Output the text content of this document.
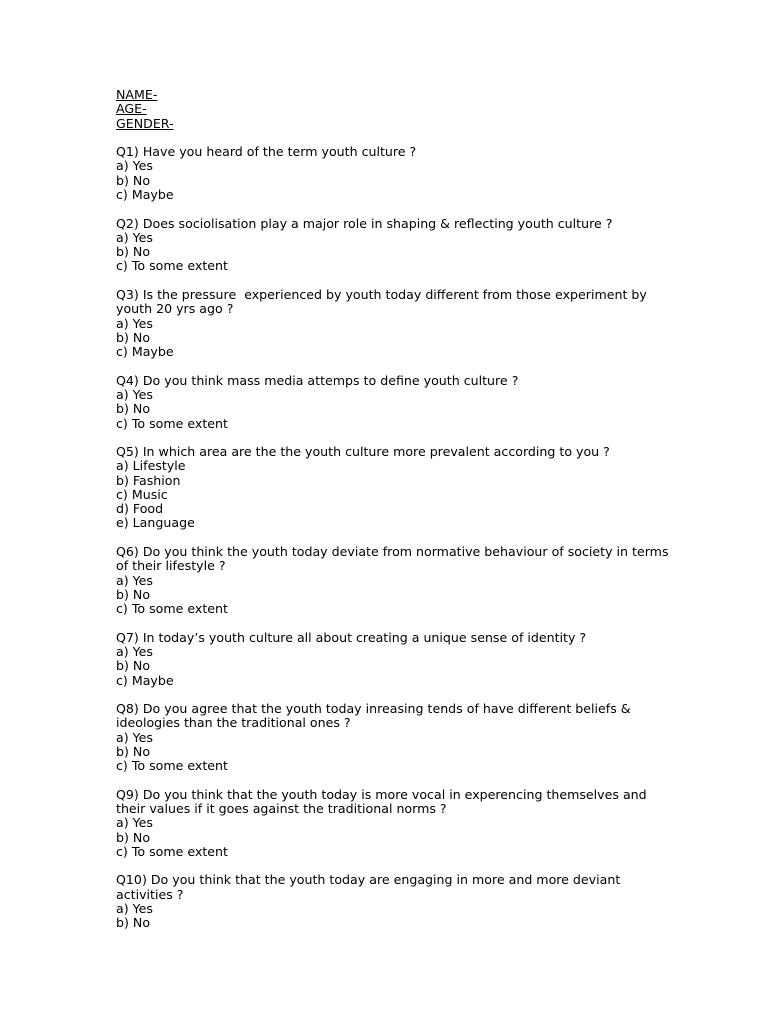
NAME-

AGE-

GENDER-

Q1) Have you heard of the term youth culture ?

a) Yes

b) No

c) Maybe

Q2) Does sociolisation play a major role in shaping & reflecting youth culture ?

a) Yes

b) No

c) To some extent

Q3) Is the pressure  experienced by youth today different from those experiment by youth 20 yrs ago ?

a) Yes

b) No

c) Maybe

Q4) Do you think mass media attemps to define youth culture ?

a) Yes

b) No

c) To some extent

Q5) In which area are the the youth culture more prevalent according to you ?

a) Lifestyle

b) Fashion

c) Music

d) Food

e) Language

Q6) Do you think the youth today deviate from normative behaviour of society in terms of their lifestyle ?

a) Yes

b) No

c) To some extent

Q7) In today’s youth culture all about creating a unique sense of identity ?

a) Yes

b) No

c) Maybe

Q8) Do you agree that the youth today inreasing tends of have different beliefs & ideologies than the traditional ones ?

a) Yes

b) No

c) To some extent

Q9) Do you think that the youth today is more vocal in experencing themselves and their values if it goes against the traditional norms ?

a) Yes

b) No

c) To some extent

Q10) Do you think that the youth today are engaging in more and more deviant activities ?

a) Yes

b) No
